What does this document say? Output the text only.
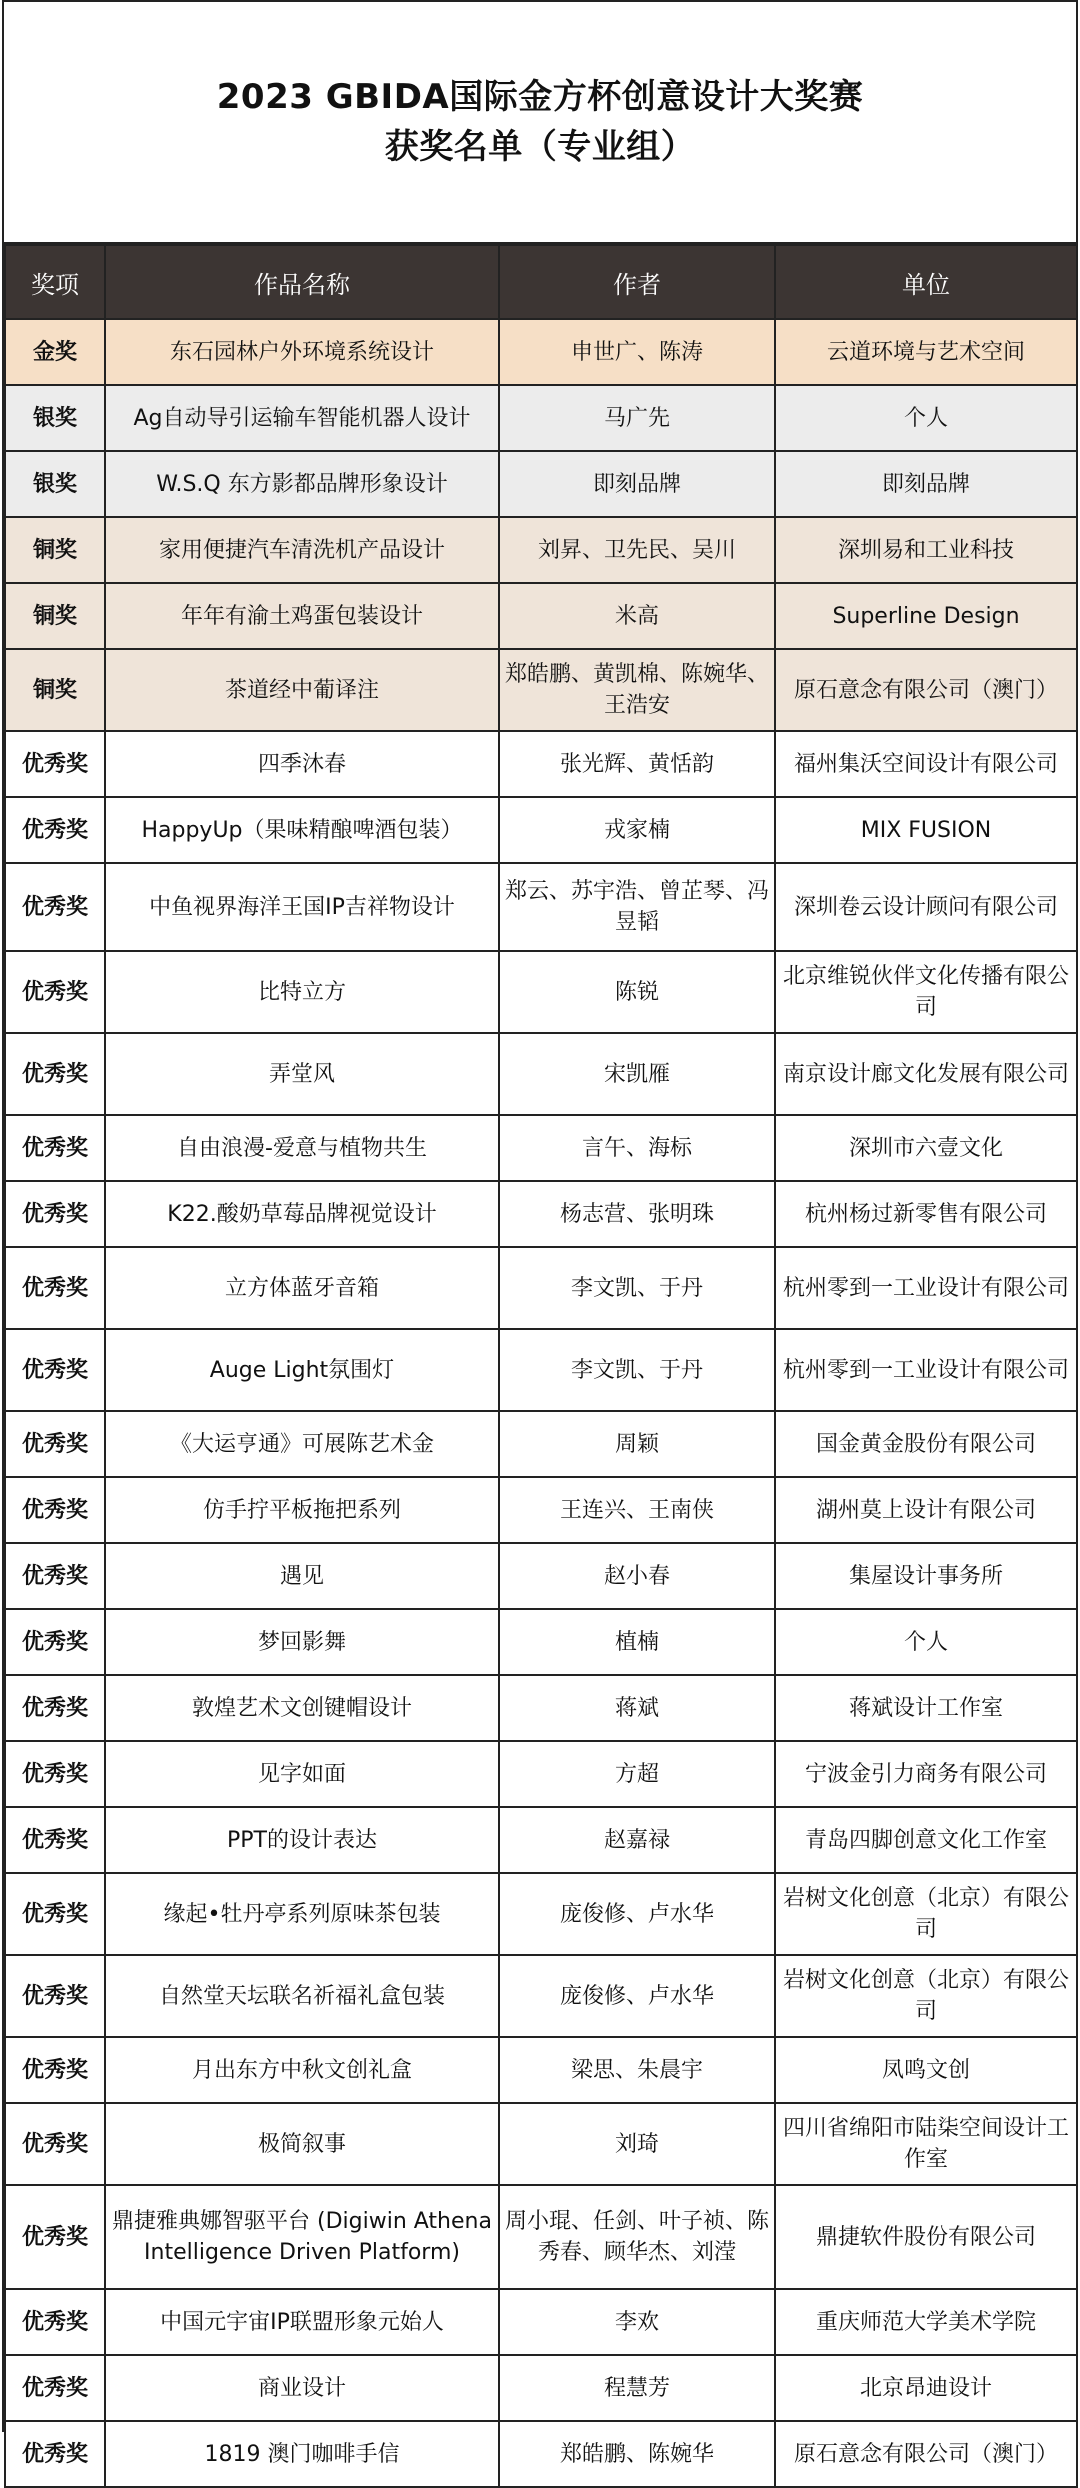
2023 GBIDA国际金方杯创意设计大奖赛
获奖名单（专业组）
奖项	作品名称	作者	单位
金奖	东石园林户外环境系统设计	申世广、陈涛	云道环境与艺术空间
银奖	Ag自动导引运输车智能机器人设计	马广先	个人
银奖	W.S.Q 东方影都品牌形象设计	即刻品牌	即刻品牌
铜奖	家用便捷汽车清洗机产品设计	刘昇、卫先民、吴川	深圳易和工业科技
铜奖	年年有渝土鸡蛋包装设计	米高	Superline Design
铜奖	茶道经中葡译注	郑皓鹏、黄凯棉、陈婉华、王浩安	原石意念有限公司（澳门）
优秀奖	四季沐春	张光辉、黄恬韵	福州集沃空间设计有限公司
优秀奖	HappyUp（果味精酿啤酒包装）	戎家楠	MIX FUSION
优秀奖	中鱼视界海洋王国IP吉祥物设计	郑云、苏宇浩、曾芷琴、冯昱韬	深圳卷云设计顾问有限公司
优秀奖	比特立方	陈锐	北京维锐伙伴文化传播有限公司
优秀奖	弄堂风	宋凯雁	南京设计廊文化发展有限公司
优秀奖	自由浪漫-爱意与植物共生	言午、海标	深圳市六壹文化
优秀奖	K22.酸奶草莓品牌视觉设计	杨志营、张明珠	杭州杨过新零售有限公司
优秀奖	立方体蓝牙音箱	李文凯、于丹	杭州零到一工业设计有限公司
优秀奖	Auge Light氛围灯	李文凯、于丹	杭州零到一工业设计有限公司
优秀奖	《大运亨通》可展陈艺术金	周颖	国金黄金股份有限公司
优秀奖	仿手拧平板拖把系列	王连兴、王南侠	湖州莫上设计有限公司
优秀奖	遇见	赵小春	集屋设计事务所
优秀奖	梦回影舞	植楠	个人
优秀奖	敦煌艺术文创键帽设计	蒋斌	蒋斌设计工作室
优秀奖	见字如面	方超	宁波金引力商务有限公司
优秀奖	PPT的设计表达	赵嘉禄	青岛四脚创意文化工作室
优秀奖	缘起•牡丹亭系列原味茶包装	庞俊修、卢水华	岩树文化创意（北京）有限公司
优秀奖	自然堂天坛联名祈福礼盒包装	庞俊修、卢水华	岩树文化创意（北京）有限公司
优秀奖	月出东方中秋文创礼盒	梁思、朱晨宇	凤鸣文创
优秀奖	极简叙事	刘琦	四川省绵阳市陆柒空间设计工作室
优秀奖	鼎捷雅典娜智驱平台 (Digiwin Athena Intelligence Driven Platform)	周小琨、任剑、叶子祯、陈秀春、顾华杰、刘滢	鼎捷软件股份有限公司
优秀奖	中国元宇宙IP联盟形象元始人	李欢	重庆师范大学美术学院
优秀奖	商业设计	程慧芳	北京昂迪设计
优秀奖	1819 澳门咖啡手信	郑皓鹏、陈婉华	原石意念有限公司（澳门）
